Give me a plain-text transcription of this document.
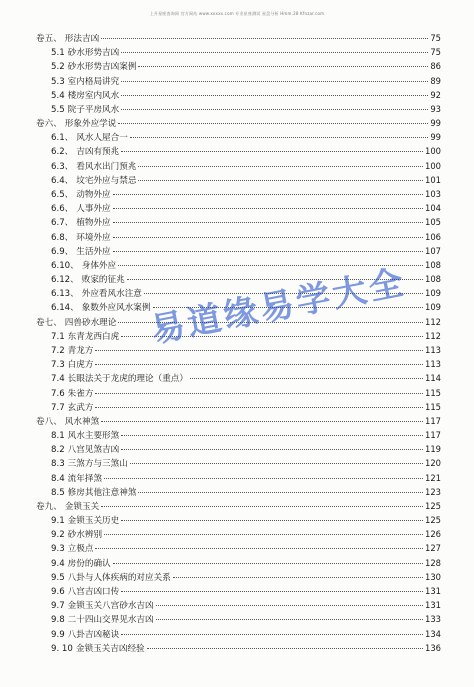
上升星座查询网 官方网站 www.xxxxx.com 专业星座测试 星盘分析 Hmm.28 Kfnzar.com
卷五、 形法吉凶	75
5.1 砂水形势吉凶	75
5.2 砂水形势吉凶案例	86
5.3 室内格局讲究	89
5.4 楼房室内风水	92
5.5 院子平房风水	93
卷六、 形象外应学说	99
6.1、 风水人屋合一	99
6.2、 吉凶有预兆	100
6.3、 看风水出门预兆	100
6.4、 坟宅外应与禁忌	101
6.5、 动物外应	103
6.6、 人事外应	104
6.7、 植物外应	105
6.8、 环境外应	106
6.9、 生活外应	107
6.10、 身体外应	108
6.12、 败家的征兆	108
6.13、 外应看风水注意	109
6.14、 象数外应风水案例	109
卷七、 四兽砂水理论	112
7.1 东青龙西白虎	112
7.2 青龙方	113
7.3 白虎方	113
7.4 长眼法关于龙虎的理论（重点）	114
7.6 朱雀方	115
7.7 玄武方	115
卷八、 风水神煞	117
8.1 风水主要形煞	117
8.2 八宫见煞吉凶	119
8.3 三煞方与三煞山	120
8.4 流年择煞	121
8.5 修房其他注意神煞	123
卷九、 金锁玉关	125
9.1 金锁玉关历史	125
9.2 砂水辨别	126
9.3 立极点	127
9.4 房份的确认	128
9.5 八卦与人体疾病的对应关系	130
9.6 八宫吉凶口传	131
9.7 金锁玉关八宫砂水吉凶	131
9.8 二十四山交界见水吉凶	133
9.9 八卦吉凶秘诀	134
9. 10 金锁玉关吉凶经验	136
易道缘易学大全
